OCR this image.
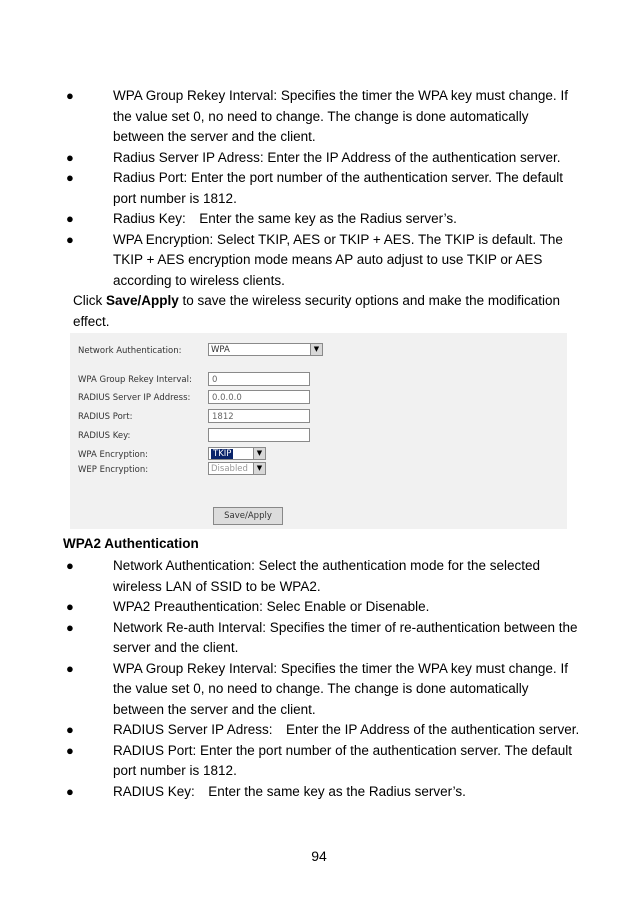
●	WPA Group Rekey Interval: Specifies the timer the WPA key must change. If the value set 0, no need to change. The change is done automatically between the server and the client.
●	Radius Server IP Adress: Enter the IP Address of the authentication server.
●	Radius Port: Enter the port number of the authentication server. The default port number is 1812.
●	Radius Key:　Enter the same key as the Radius server’s.
●	WPA Encryption: Select TKIP, AES or TKIP + AES. The TKIP is default. The TKIP + AES encryption mode means AP auto adjust to use TKIP or AES according to wireless clients.
Click Save/Apply to save the wireless security options and make the modification effect.
Network Authentication:	WPA	▼
WPA Group Rekey Interval:	0
RADIUS Server IP Address:	0.0.0.0
RADIUS Port:	1812
RADIUS Key:
WPA Encryption:	TKIP	▼
WEP Encryption:	Disabled	▼
Save/Apply
WPA2 Authentication
●	Network Authentication: Select the authentication mode for the selected wireless LAN of SSID to be WPA2.
●	WPA2 Preauthentication: Selec Enable or Disenable.
●	Network Re-auth Interval: Specifies the timer of re-authentication between the server and the client.
●	WPA Group Rekey Interval: Specifies the timer the WPA key must change. If the value set 0, no need to change. The change is done automatically between the server and the client.
●	RADIUS Server IP Adress:　Enter the IP Address of the authentication server.
●	RADIUS Port: Enter the port number of the authentication server. The default port number is 1812.
●	RADIUS Key:　Enter the same key as the Radius server’s.
94
